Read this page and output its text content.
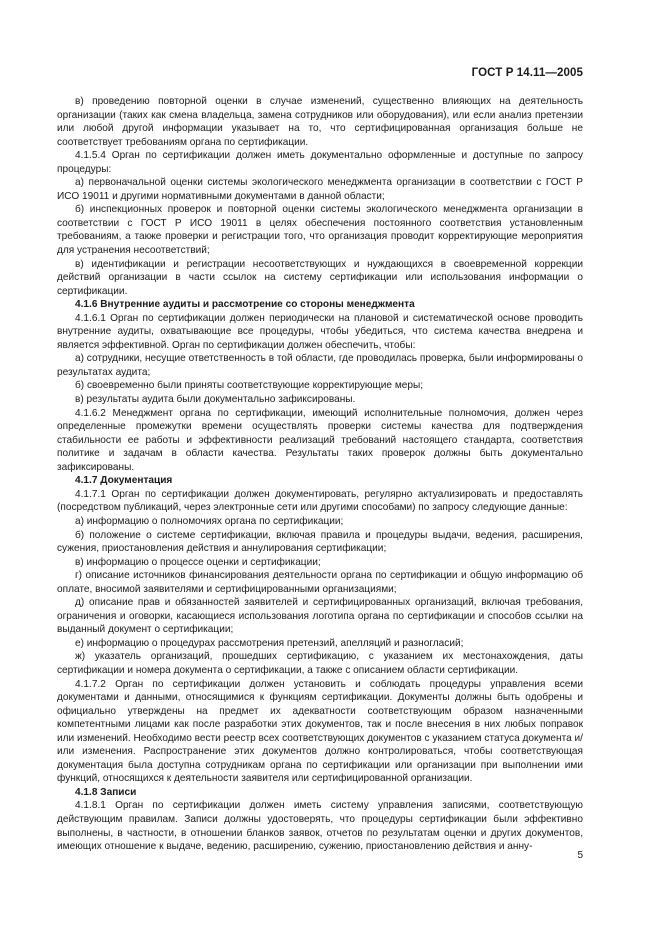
ГОСТ Р 14.11—2005

в) проведению повторной оценки в случае изменений, существенно влияющих на деятельность организации (таких как смена владельца, замена сотрудников или оборудования), или если анализ претензии или любой другой информации указывает на то, что сертифицированная организация больше не соответствует требованиям органа по сертификации.

4.1.5.4 Орган по сертификации должен иметь документально оформленные и доступные по запросу процедуры:

а) первоначальной оценки системы экологического менеджмента организации в соответствии с ГОСТ Р ИСО 19011 и другими нормативными документами в данной области;

б) инспекционных проверок и повторной оценки системы экологического менеджмента организации в соответствии с ГОСТ Р ИСО 19011 в целях обеспечения постоянного соответствия установленным требованиям, а также проверки и регистрации того, что организация проводит корректирующие мероприятия для устранения несоответствий;

в) идентификации и регистрации несоответствующих и нуждающихся в своевременной коррекции действий организации в части ссылок на систему сертификации или использования информации о сертификации.

4.1.6 Внутренние аудиты и рассмотрение со стороны менеджмента

4.1.6.1 Орган по сертификации должен периодически на плановой и систематической основе проводить внутренние аудиты, охватывающие все процедуры, чтобы убедиться, что система качества внедрена и является эффективной. Орган по сертификации должен обеспечить, чтобы:

а) сотрудники, несущие ответственность в той области, где проводилась проверка, были информированы о результатах аудита;

б) своевременно были приняты соответствующие корректирующие меры;

в) результаты аудита были документально зафиксированы.

4.1.6.2 Менеджмент органа по сертификации, имеющий исполнительные полномочия, должен через определенные промежутки времени осуществлять проверки системы качества для подтверждения стабильности ее работы и эффективности реализаций требований настоящего стандарта, соответствия политике и задачам в области качества. Результаты таких проверок должны быть документально зафиксированы.

4.1.7 Документация

4.1.7.1 Орган по сертификации должен документировать, регулярно актуализировать и предоставлять (посредством публикаций, через электронные сети или другими способами) по запросу следующие данные:

а) информацию о полномочиях органа по сертификации;

б) положение о системе сертификации, включая правила и процедуры выдачи, ведения, расширения, сужения, приостановления действия и аннулирования сертификации;

в) информацию о процессе оценки и сертификации;

г) описание источников финансирования деятельности органа по сертификации и общую информацию об оплате, вносимой заявителями и сертифицированными организациями;

д) описание прав и обязанностей заявителей и сертифицированных организаций, включая требования, ограничения и оговорки, касающиеся использования логотипа органа по сертификации и способов ссылки на выданный документ о сертификации;

е) информацию о процедурах рассмотрения претензий, апелляций и разногласий;

ж) указатель организаций, прошедших сертификацию, с указанием их местонахождения, даты сертификации и номера документа о сертификации, а также с описанием области сертификации.

4.1.7.2 Орган по сертификации должен установить и соблюдать процедуры управления всеми документами и данными, относящимися к функциям сертификации. Документы должны быть одобрены и официально утверждены на предмет их адекватности соответствующим образом назначенными компетентными лицами как после разработки этих документов, так и после внесения в них любых поправок или изменений. Необходимо вести реестр всех соответствующих документов с указанием статуса документа и/или изменения. Распространение этих документов должно контролироваться, чтобы соответствующая документация была доступна сотрудникам органа по сертификации или организации при выполнении ими функций, относящихся к деятельности заявителя или сертифицированной организации.

4.1.8 Записи

4.1.8.1 Орган по сертификации должен иметь систему управления записями, соответствующую действующим правилам. Записи должны удостоверять, что процедуры сертификации были эффективно выполнены, в частности, в отношении бланков заявок, отчетов по результатам оценки и других документов, имеющих отношение к выдаче, ведению, расширению, сужению, приостановлению действия и анну-

5
